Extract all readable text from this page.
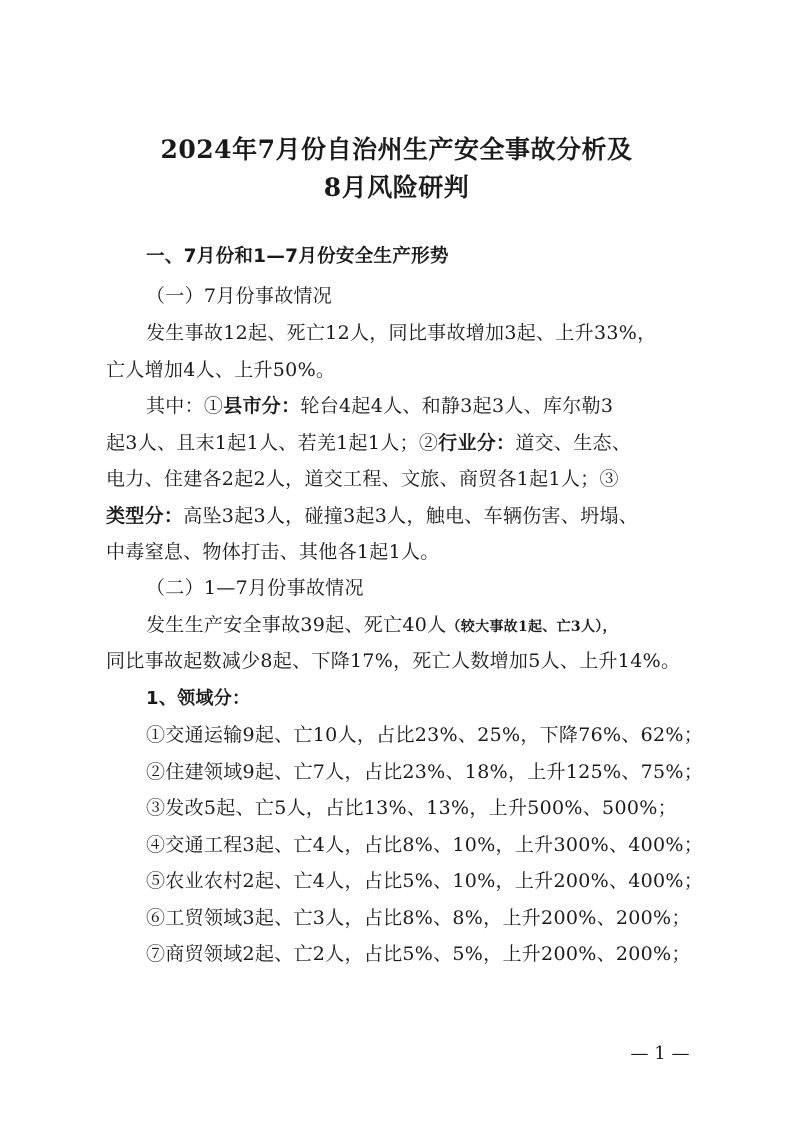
2024年7月份自治州生产安全事故分析及
8月风险研判
一、7月份和1—7月份安全生产形势
（一）7月份事故情况
发生事故12起、死亡12人，同比事故增加3起、上升33%，
亡人增加4人、上升50%。
其中：①县市分：轮台4起4人、和静3起3人、库尔勒3
起3人、且末1起1人、若羌1起1人；②行业分：道交、生态、
电力、住建各2起2人，道交工程、文旅、商贸各1起1人；③
类型分：高坠3起3人，碰撞3起3人，触电、车辆伤害、坍塌、
中毒窒息、物体打击、其他各1起1人。
（二）1—7月份事故情况
发生生产安全事故39起、死亡40人（较大事故1起、亡3人），
同比事故起数减少8起、下降17%，死亡人数增加5人、上升14%。
1、领域分：
①交通运输9起、亡10人，占比23%、25%，下降76%、62%；
②住建领域9起、亡7人，占比23%、18%，上升125%、75%；
③发改5起、亡5人，占比13%、13%，上升500%、500%；
④交通工程3起、亡4人，占比8%、10%，上升300%、400%；
⑤农业农村2起、亡4人，占比5%、10%，上升200%、400%；
⑥工贸领域3起、亡3人，占比8%、8%，上升200%、200%；
⑦商贸领域2起、亡2人，占比5%、5%，上升200%、200%；
— 1 —
